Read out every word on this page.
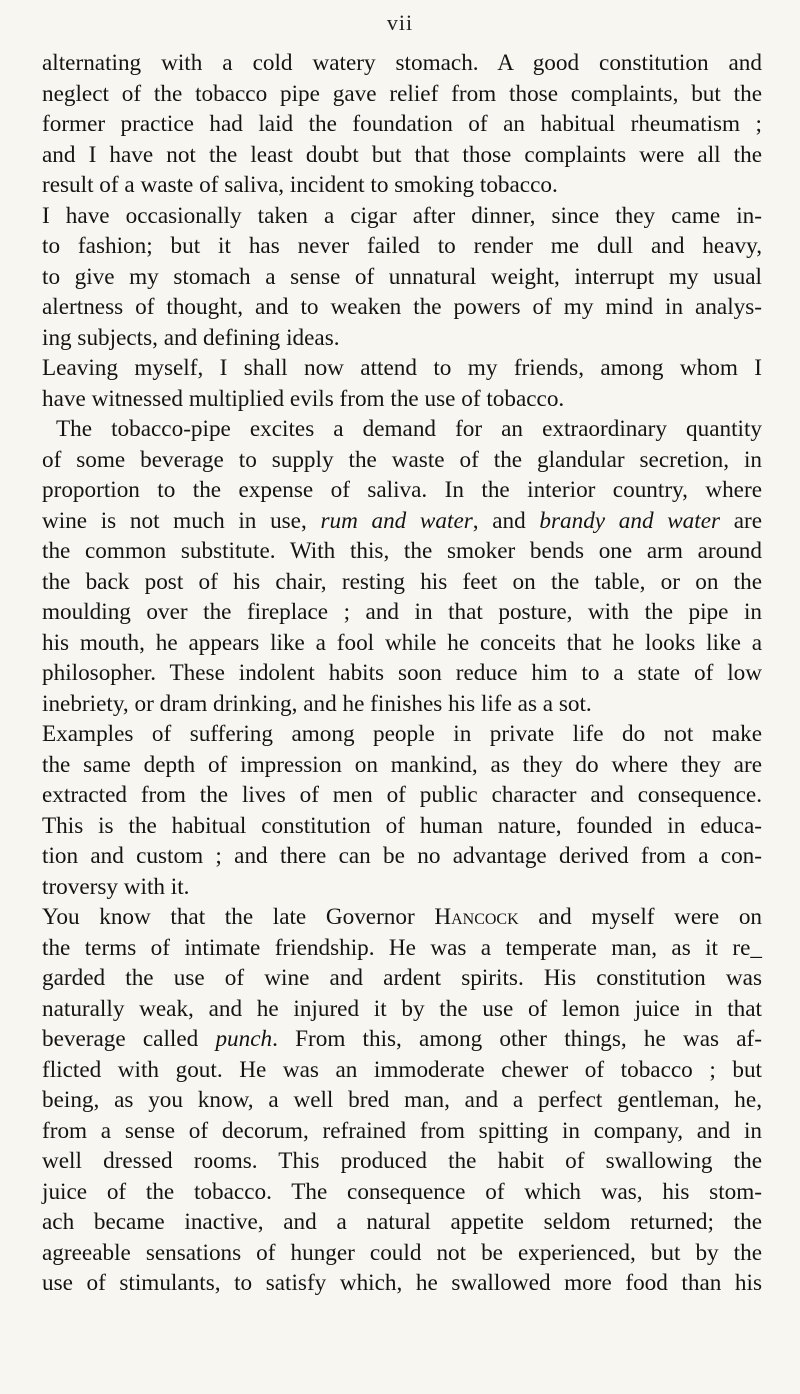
vii

alternating with a cold watery stomach. A good constitution and

neglect of the tobacco pipe gave relief from those complaints, but the

former practice had laid the foundation of an habitual rheumatism ;

and I have not the least doubt but that those complaints were all the

result of a waste of saliva, incident to smoking tobacco.

I have occasionally taken a cigar after dinner, since they came in-

to fashion; but it has never failed to render me dull and heavy,

to give my stomach a sense of unnatural weight, interrupt my usual

alertness of thought, and to weaken the powers of my mind in analys-

ing subjects, and defining ideas.

Leaving myself, I shall now attend to my friends, among whom I

have witnessed multiplied evils from the use of tobacco.

The tobacco-pipe excites a demand for an extraordinary quantity

of some beverage to supply the waste of the glandular secretion, in

proportion to the expense of saliva. In the interior country, where

wine is not much in use, rum and water, and brandy and water are

the common substitute. With this, the smoker bends one arm around

the back post of his chair, resting his feet on the table, or on the

moulding over the fireplace ; and in that posture, with the pipe in

his mouth, he appears like a fool while he conceits that he looks like a

philosopher. These indolent habits soon reduce him to a state of low

inebriety, or dram drinking, and he finishes his life as a sot.

Examples of suffering among people in private life do not make

the same depth of impression on mankind, as they do where they are

extracted from the lives of men of public character and consequence.

This is the habitual constitution of human nature, founded in educa-

tion and custom ; and there can be no advantage derived from a con-

troversy with it.

You know that the late Governor Hancock and myself were on

the terms of intimate friendship. He was a temperate man, as it re_

garded the use of wine and ardent spirits. His constitution was

naturally weak, and he injured it by the use of lemon juice in that

beverage called punch. From this, among other things, he was af-

flicted with gout. He was an immoderate chewer of tobacco ; but

being, as you know, a well bred man, and a perfect gentleman, he,

from a sense of decorum, refrained from spitting in company, and in

well dressed rooms. This produced the habit of swallowing the

juice of the tobacco. The consequence of which was, his stom-

ach became inactive, and a natural appetite seldom returned; the

agreeable sensations of hunger could not be experienced, but by the

use of stimulants, to satisfy which, he swallowed more food than his
